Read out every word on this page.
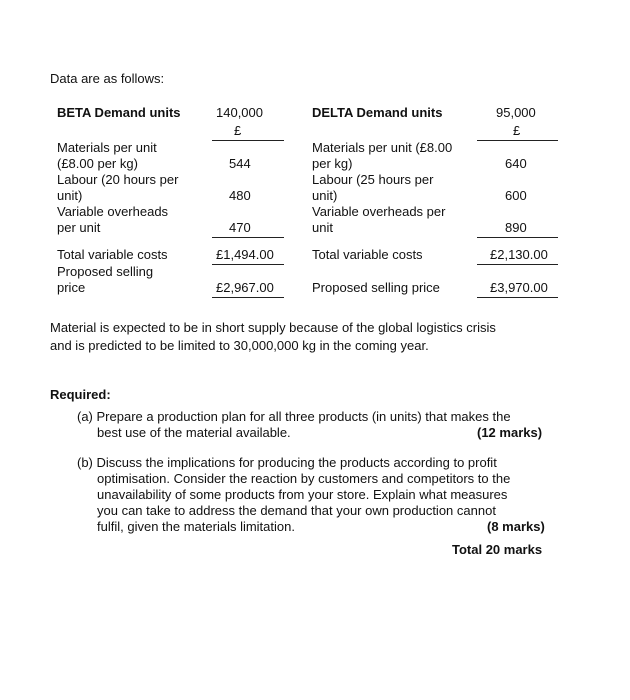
Data are as follows:
BETA Demand units	140,000
£
Materials per unit
(£8.00 per kg)	544
Labour (20 hours per
unit)	480
Variable overheads
per unit	470
Total variable costs	£1,494.00
Proposed selling
price	£2,967.00
DELTA Demand units	95,000
£
Materials per unit (£8.00
per kg)	640
Labour (25 hours per
unit)	600
Variable overheads per
unit	890
Total variable costs	£2,130.00
Proposed selling price	£3,970.00
Material is expected to be in short supply because of the global logistics crisis
and is predicted to be limited to 30,000,000 kg in the coming year.
Required:
(a) Prepare a production plan for all three products (in units) that makes the
best use of the material available.	(12 marks)
(b) Discuss the implications for producing the products according to profit
optimisation. Consider the reaction by customers and competitors to the
unavailability of some products from your store. Explain what measures
you can take to address the demand that your own production cannot
fulfil, given the materials limitation.	(8 marks)
Total 20 marks
